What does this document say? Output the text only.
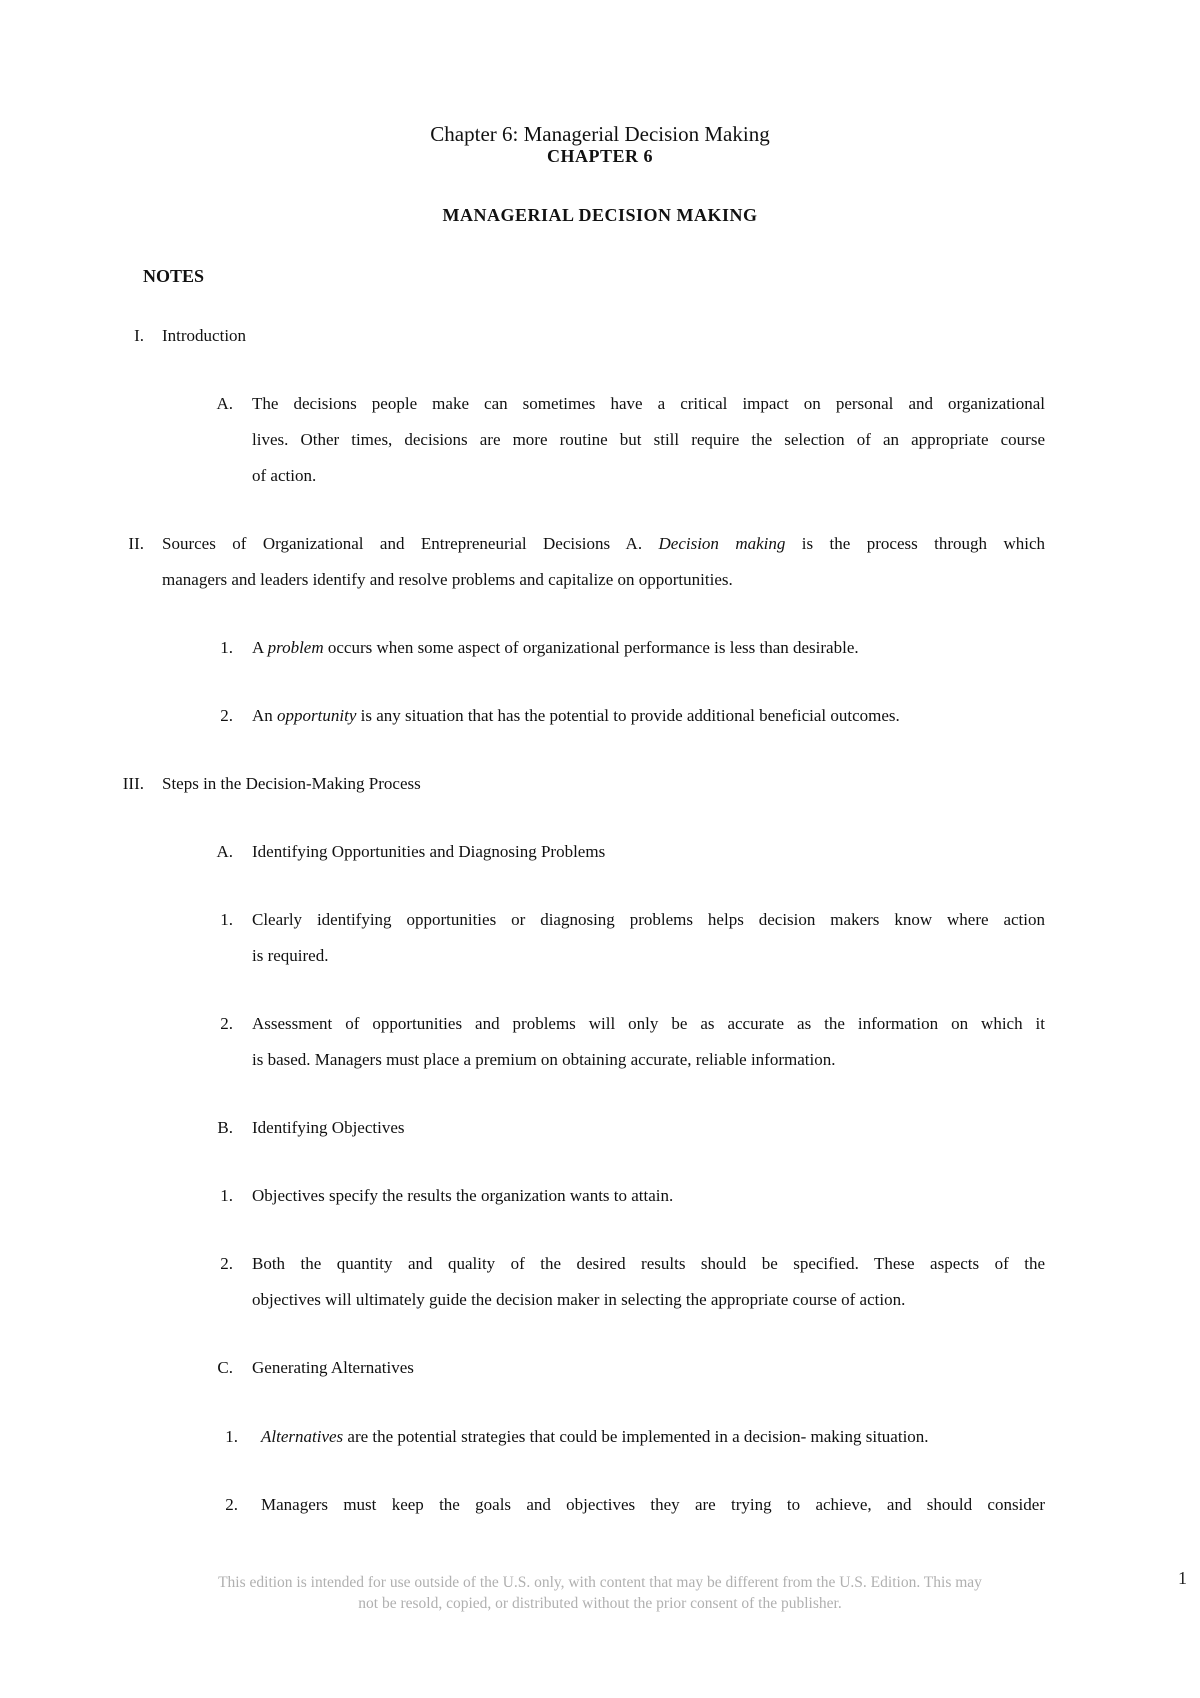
Chapter 6: Managerial Decision Making
CHAPTER 6
MANAGERIAL DECISION MAKING
NOTES
I. Introduction
A. The decisions people make can sometimes have a critical impact on personal and organizational
lives. Other times, decisions are more routine but still require the selection of an appropriate course
of action.
II. Sources of Organizational and Entrepreneurial Decisions A. Decision making is the process through which
managers and leaders identify and resolve problems and capitalize on opportunities.
1. A problem occurs when some aspect of organizational performance is less than desirable.
2. An opportunity is any situation that has the potential to provide additional beneficial outcomes.
III. Steps in the Decision-Making Process
A. Identifying Opportunities and Diagnosing Problems
1. Clearly identifying opportunities or diagnosing problems helps decision makers know where action
is required.
2. Assessment of opportunities and problems will only be as accurate as the information on which it
is based. Managers must place a premium on obtaining accurate, reliable information.
B. Identifying Objectives
1. Objectives specify the results the organization wants to attain.
2. Both the quantity and quality of the desired results should be specified. These aspects of the
objectives will ultimately guide the decision maker in selecting the appropriate course of action.
C. Generating Alternatives
1. Alternatives are the potential strategies that could be implemented in a decision- making situation.
2. Managers must keep the goals and objectives they are trying to achieve, and should consider
This edition is intended for use outside of the U.S. only, with content that may be different from the U.S. Edition. This may
not be resold, copied, or distributed without the prior consent of the publisher.
1
